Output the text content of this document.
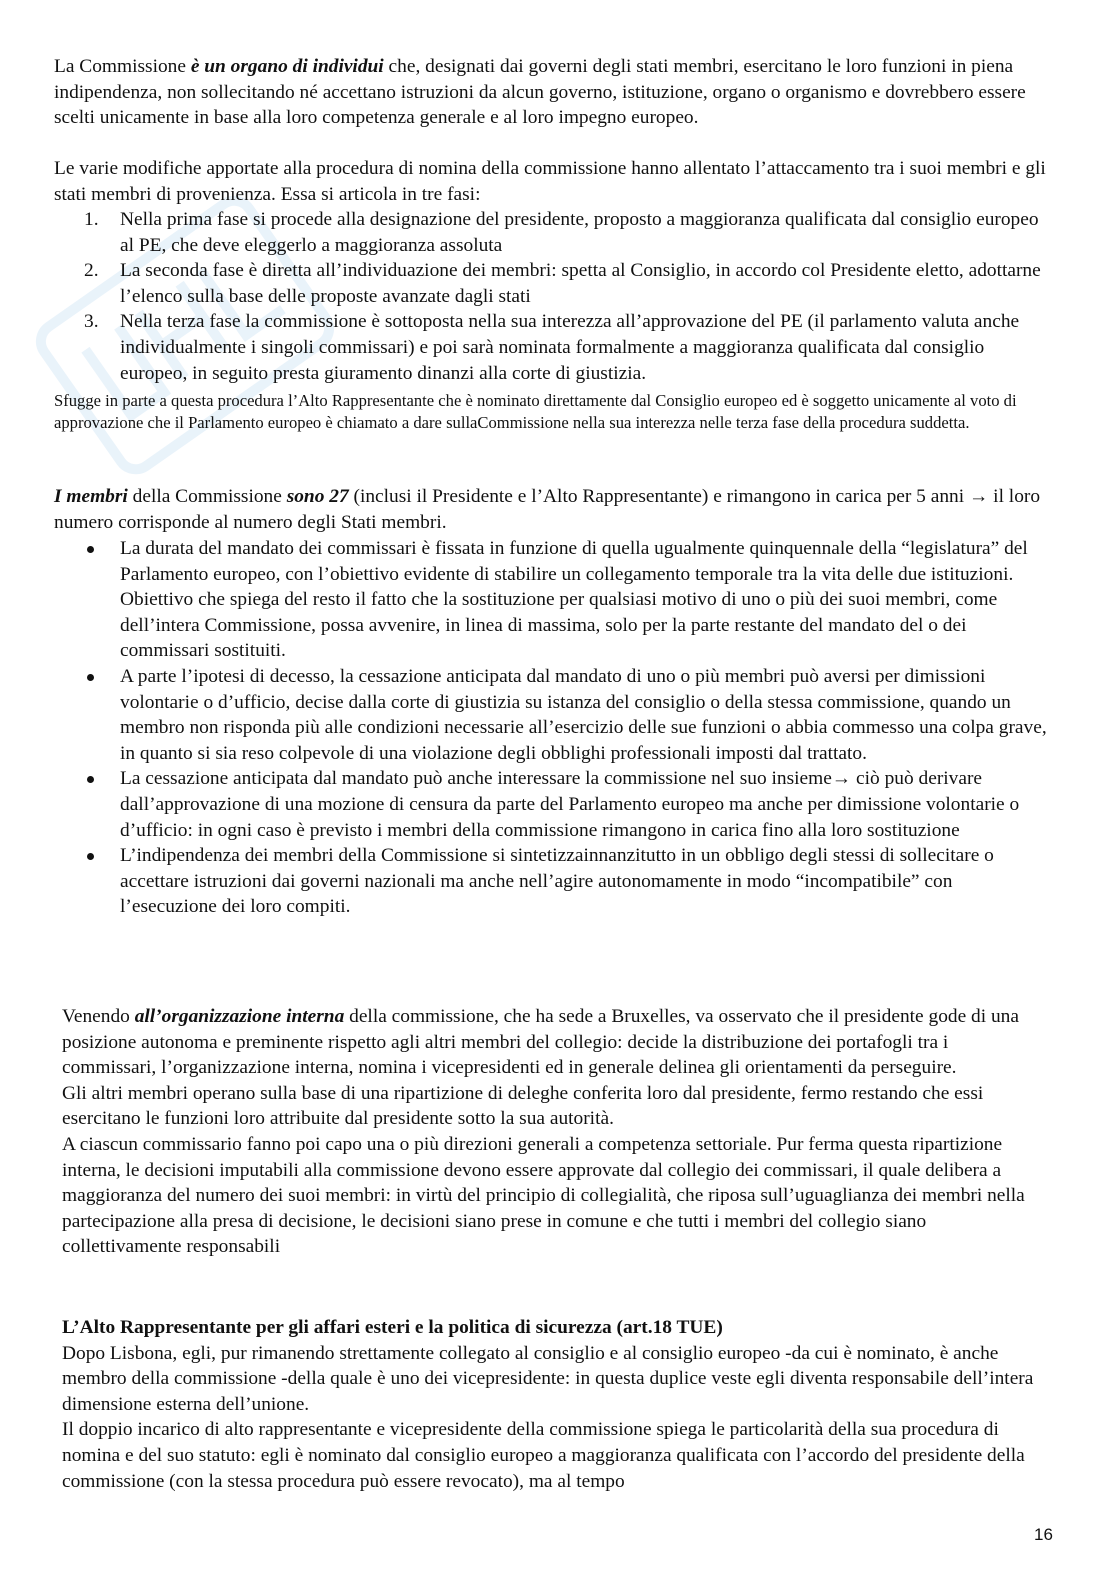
La Commissione è un organo di individui che, designati dai governi degli stati membri, esercitano le loro funzioni in piena indipendenza, non sollecitando né accettano istruzioni da alcun governo, istituzione, organo o organismo e dovrebbero essere scelti unicamente in base alla loro competenza generale e al loro impegno europeo.

Le varie modifiche apportate alla procedura di nomina della commissione hanno allentato l’attaccamento tra i suoi membri e gli stati membri di provenienza. Essa si articola in tre fasi:

1. Nella prima fase si procede alla designazione del presidente, proposto a maggioranza qualificata dal consiglio europeo al PE, che deve eleggerlo a maggioranza assoluta
2. La seconda fase è diretta all’individuazione dei membri: spetta al Consiglio, in accordo col Presidente eletto, adottarne l’elenco sulla base delle proposte avanzate dagli stati
3. Nella terza fase la commissione è sottoposta nella sua interezza all’approvazione del PE (il parlamento valuta anche individualmente i singoli commissari) e poi sarà nominata formalmente a maggioranza qualificata dal consiglio europeo, in seguito presta giuramento dinanzi alla corte di giustizia.

Sfugge in parte a questa procedura l’Alto Rappresentante che è nominato direttamente dal Consiglio europeo ed è soggetto unicamente al voto di approvazione che il Parlamento europeo è chiamato a dare sullaCommissione nella sua interezza nelle terza fase della procedura suddetta.

I membri della Commissione sono 27 (inclusi il Presidente e l’Alto Rappresentante) e rimangono in carica per 5 anni → il loro numero corrisponde al numero degli Stati membri.

La durata del mandato dei commissari è fissata in funzione di quella ugualmente quinquennale della “legislatura” del Parlamento europeo, con l’obiettivo evidente di stabilire un collegamento temporale tra la vita delle due istituzioni. Obiettivo che spiega del resto il fatto che la sostituzione per qualsiasi motivo di uno o più dei suoi membri, come dell’intera Commissione, possa avvenire, in linea di massima, solo per la parte restante del mandato del o dei commissari sostituiti.
A parte l’ipotesi di decesso, la cessazione anticipata dal mandato di uno o più membri può aversi per dimissioni volontarie o d’ufficio, decise dalla corte di giustizia su istanza del consiglio o della stessa commissione, quando un membro non risponda più alle condizioni necessarie all’esercizio delle sue funzioni o abbia commesso una colpa grave, in quanto si sia reso colpevole di una violazione degli obblighi professionali imposti dal trattato.
La cessazione anticipata dal mandato può anche interessare la commissione nel suo insieme→ ciò può derivare dall’approvazione di una mozione di censura da parte del Parlamento europeo ma anche per dimissione volontarie o d’ufficio: in ogni caso è previsto i membri della commissione rimangono in carica fino alla loro sostituzione
L’indipendenza dei membri della Commissione si sintetizzainnanzitutto in un obbligo degli stessi di sollecitare o accettare istruzioni dai governi nazionali ma anche nell’agire autonomamente in modo “incompatibile” con l’esecuzione dei loro compiti.

Venendo all’organizzazione interna della commissione, che ha sede a Bruxelles, va osservato che il presidente gode di una posizione autonoma e preminente rispetto agli altri membri del collegio: decide la distribuzione dei portafogli tra i commissari, l’organizzazione interna, nomina i vicepresidenti ed in generale delinea gli orientamenti da perseguire.

Gli altri membri operano sulla base di una ripartizione di deleghe conferita loro dal presidente, fermo restando che essi esercitano le funzioni loro attribuite dal presidente sotto la sua autorità.

A ciascun commissario fanno poi capo una o più direzioni generali a competenza settoriale. Pur ferma questa ripartizione interna, le decisioni imputabili alla commissione devono essere approvate dal collegio dei commissari, il quale delibera a maggioranza del numero dei suoi membri: in virtù del principio di collegialità, che riposa sull’uguaglianza dei membri nella partecipazione alla presa di decisione, le decisioni siano prese in comune e che tutti i membri del collegio siano collettivamente responsabili

L’Alto Rappresentante per gli affari esteri e la politica di sicurezza (art.18 TUE)

Dopo Lisbona, egli, pur rimanendo strettamente collegato al consiglio e al consiglio europeo -da cui è nominato, è anche membro della commissione -della quale è uno dei vicepresidente: in questa duplice veste egli diventa responsabile dell’intera dimensione esterna dell’unione.

Il doppio incarico di alto rappresentante e vicepresidente della commissione spiega le particolarità della sua procedura di nomina e del suo statuto: egli è nominato dal consiglio europeo a maggioranza qualificata con l’accordo del presidente della commissione (con la stessa procedura può essere revocato), ma al tempo

16
